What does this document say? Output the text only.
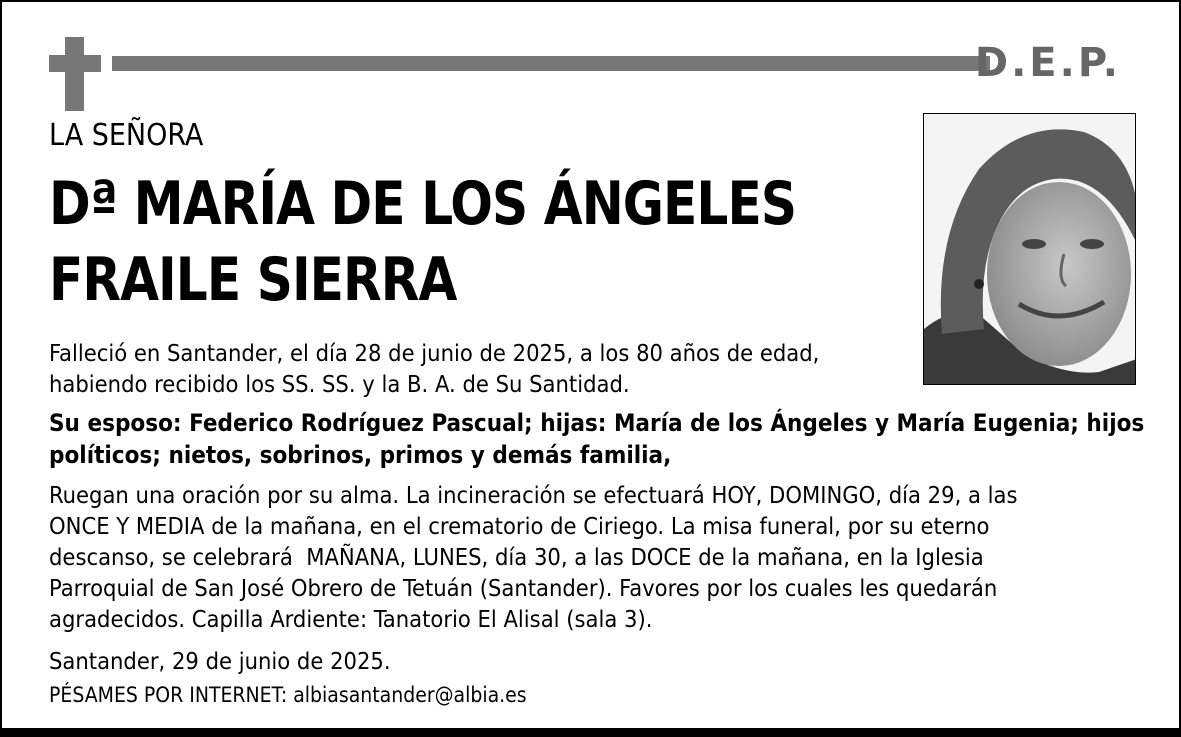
D.E.P.
LA SEÑORA
Dª MARÍA DE LOS ÁNGELES
FRAILE SIERRA
Falleció en Santander, el día 28 de junio de 2025, a los 80 años de edad,
habiendo recibido los SS. SS. y la B. A. de Su Santidad.
Su esposo: Federico Rodríguez Pascual; hijas: María de los Ángeles y María Eugenia; hijos
políticos; nietos, sobrinos, primos y demás familia,
Ruegan una oración por su alma. La incineración se efectuará HOY, DOMINGO, día 29, a las
ONCE Y MEDIA de la mañana, en el crematorio de Ciriego. La misa funeral, por su eterno
descanso, se celebrará  MAÑANA, LUNES, día 30, a las DOCE de la mañana, en la Iglesia
Parroquial de San José Obrero de Tetuán (Santander). Favores por los cuales les quedarán
agradecidos. Capilla Ardiente: Tanatorio El Alisal (sala 3).
Santander, 29 de junio de 2025.
PÉSAMES POR INTERNET: albiasantander@albia.es
